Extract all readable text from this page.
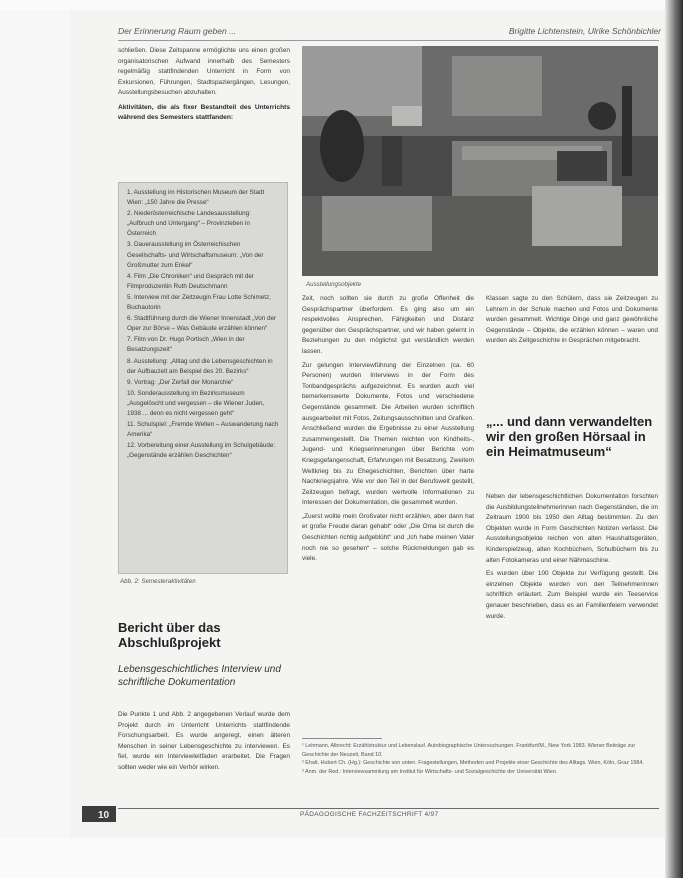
Der Erinnerung Raum geben ...	Brigitte Lichtenstein, Ulrike Schönbichler

schließen. Diese Zeitspanne ermöglichte uns einen großen organisatorischen Aufwand innerhalb des Semesters regelmäßig stattfindenden Unterricht in Form von Exkursionen, Führungen, Stadtspaziergängen, Lesungen, Ausstellungsbesuchen abzuhalten.

Aktivitäten, die als fixer Bestandteil des Unterrichts während des Semesters stattfanden:
1. Ausstellung im Historischen Museum der Stadt Wien: „150 Jahre die Presse“
2. Niederösterreichische Landesausstellung: „Aufbruch und Untergang“ – Provinzleben in Österreich
3. Dauerausstellung im Österreichischen Gesellschafts- und Wirtschaftsmuseum: „Von der Großmutter zum Enkel“
4. Film „Die Chroniken“ und Gespräch mit der Filmproduzentin Ruth Deutschmann
5. Interview mit der Zeitzeugin Frau Lotte Schimetz, Buchautorin
6. Stadtführung durch die Wiener Innenstadt „Von der Oper zur Börse – Was Gebäude erzählen können“
7. Film von Dr. Hugo Portisch „Wien in der Besatzungszeit“
8. Ausstellung: „Alltag und die Lebensgeschichten in der Aufbauzeit am Beispiel des 20. Bezirks“
9. Vortrag: „Der Zerfall der Monarchie“
10. Sonderausstellung im Bezirksmuseum „Ausgelöscht und vergessen – die Wiener Juden, 1938 ... denn es nicht vergessen geht“
11. Schulspiel: „Fremde Welten – Auswanderung nach Amerika“
12. Vorbereitung einer Ausstellung im Schulgebäude: „Gegenstände erzählen Geschichten“
Abb. 2: Semesteraktivitäten
Bericht über das Abschlußprojekt
Lebensgeschichtliches Interview und schriftliche Dokumentation

Die Punkte 1 und Abb. 2 angegebenen Verlauf wurde dem Projekt durch im Unterricht Unterrichts stattfindende Forschungsarbeit. Es wurde angeregt, einen älteren Menschen in seiner Lebensgeschichte zu interviewen. Es fiel, wurde ein Interviewleitfaden erarbeitet. Die Fragen sollten weder wie ein Verhör wirken.

Ausstellungsobjekte

Zeit, noch sollten sie durch zu große Offenheit die Gesprächspartner überfordern. Es ging also um ein respektvolles Ansprechen, Fähigkeiten und Distanz gegenüber den Gesprächspartner, und wir haben gelernt in Beziehungen zu den möglichst gut verständlich werden lassen.

Zur gelungen Interviewführung der Einzelnen (ca. 60 Personen) wurden Interviews in der Form des Tonbandgesprächs aufgezeichnet. Es wurden auch viel bemerkenswerte Dokumente, Fotos und verschiedene Gegenstände gesammelt. Die Arbeiten wurden schriftlich ausgearbeitet mit Fotos, Zeitungsausschnitten und Grafiken. Anschließend wurden die Ergebnisse zu einer Ausstellung zusammengestellt. Die Themen reichten von Kindheits-, Jugend- und Kriegserinnerungen über Berichte vom Kriegsgefangenschaft, Erfahrungen mit Besatzung, Zweitem Weltkrieg bis zu Ehegeschichten, Berichten über harte Nachkriegsjahre. Wie vor den Teil in der Berufswelt gestellt, Zeitzeugen befragt, wurden wertvolle Informationen zu Interessen der Dokumentation, die gesammelt wurden.

„Zuerst wollte mein Großvater nicht erzählen, aber dann hat er große Freude daran gehabt“ oder „Die Oma ist durch die Geschichten richtig aufgeblüht“ und „Ich habe meinen Vater noch nie so gesehen“ – solche Rückmeldungen gab es viele.

Klassen sagte zu den Schülern, dass sie Zeitzeugen zu Lehrern in der Schule machen und Fotos und Dokumente wurden gesammelt. Wichtige Dinge und ganz gewöhnliche Gegenstände – Objekte, die erzählen können – waren und wurden als Zeitgeschichte in Gesprächen mitgebracht.

„... und dann verwandelten wir den großen Hörsaal in ein Heimatmuseum“

Neben der lebensgeschichtlichen Dokumentation forschten die Ausbildungsteilnehmerinnen nach Gegenständen, die im Zeitraum 1900 bis 1950 den Alltag bestimmten. Zu den Objekten wurde in Form Geschichten Notizen verfasst. Die Ausstellungsobjekte reichen von alten Haushaltsgeräten, Kinderspielzeug, alten Kochbüchern, Schulbüchern bis zu alten Fotokameras und einer Nähmaschine.

Es wurden über 100 Objekte zur Verfügung gestellt. Die einzelnen Objekte wurden von den Teilnehmerinnen schriftlich erläutert. Zum Beispiel wurde ein Teeservice genauer beschrieben, dass es an Familienfeiern verwendet wurde.

¹ Lehmann, Albrecht: Erzählstruktur und Lebenslauf. Autobiographische Untersuchungen. Frankfurt/M., New York 1983. Wiener Beiträge zur Geschichte der Neuzeit, Band 10.

² Ehalt, Hubert Ch. (Hg.): Geschichte von unten. Fragestellungen, Methoden und Projekte einer Geschichte des Alltags. Wien, Köln, Graz 1984.

³ Anm. der Red.: Interviewsammlung am Institut für Wirtschafts- und Sozialgeschichte der Universität Wien.

10	PÄDAGOGISCHE FACHZEITSCHRIFT 4/97
